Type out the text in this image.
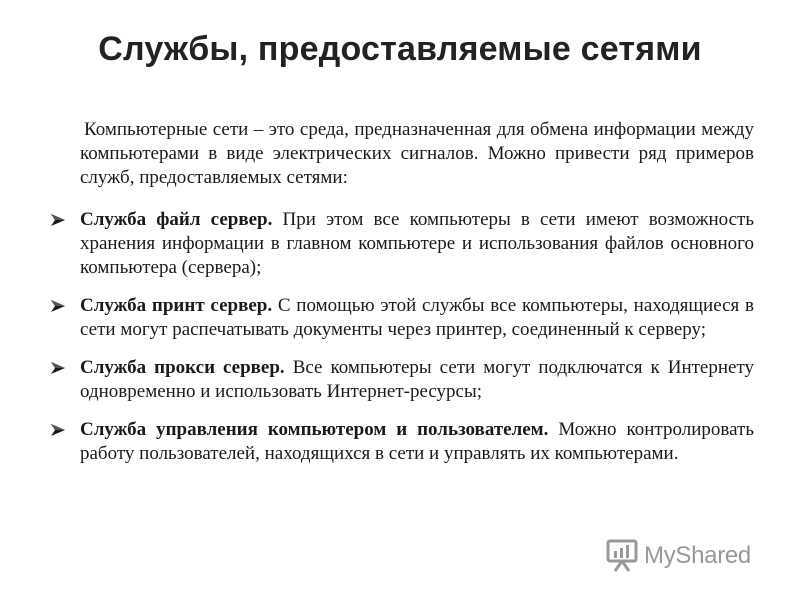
Службы, предоставляемые сетями

Компьютерные сети – это среда, предназначенная для обмена информации между компьютерами в виде электрических сигналов. Можно привести ряд примеров служб, предоставляемых сетями:

Служба файл сервер. При этом все компьютеры в сети имеют возможность хранения информации в главном компьютере и использования файлов основного компьютера (сервера);
Служба принт сервер. С помощью этой службы все компьютеры, находящиеся в сети могут распечатывать документы через принтер, соединенный к серверу;
Служба прокси сервер. Все компьютеры сети могут подключатся к Интернету одновременно и использовать Интернет-ресурсы;
Служба управления компьютером и пользователем. Можно контролировать работу пользователей, находящихся в сети и управлять их компьютерами.
MyShared
